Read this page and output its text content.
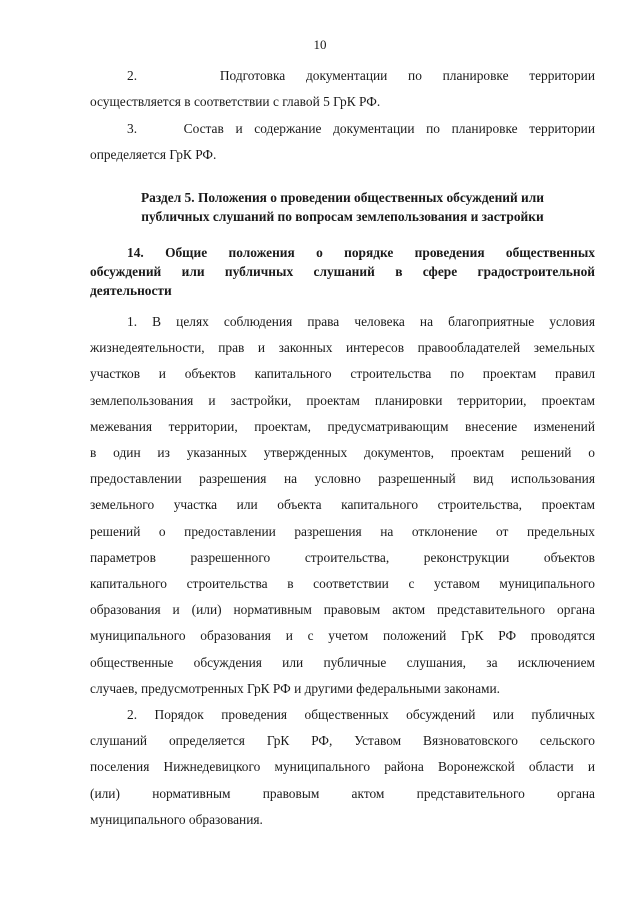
10

2.    Подготовка документации по планировке территории
осуществляется в соответствии с главой 5 ГрК РФ.

3.    Состав и содержание документации по планировке территории
определяется ГрК РФ.

Раздел 5. Положения о проведении общественных обсуждений или
публичных слушаний по вопросам землепользования и застройки
14. Общие положения о порядке проведения общественных
обсуждений или публичных слушаний в сфере градостроительной
деятельности

1. В целях соблюдения права человека на благоприятные условия
жизнедеятельности, прав и законных интересов правообладателей земельных
участков и объектов капитального строительства по проектам правил
землепользования и застройки, проектам планировки территории, проектам
межевания территории, проектам, предусматривающим внесение изменений
в один из указанных утвержденных документов, проектам решений о
предоставлении разрешения на условно разрешенный вид использования
земельного участка или объекта капитального строительства, проектам
решений о предоставлении разрешения на отклонение от предельных
параметров разрешенного строительства, реконструкции объектов
капитального строительства в соответствии с уставом муниципального
образования и (или) нормативным правовым актом представительного органа
муниципального образования и с учетом положений ГрК РФ проводятся
общественные обсуждения или публичные слушания, за исключением
случаев, предусмотренных ГрК РФ и другими федеральными законами.

2. Порядок проведения общественных обсуждений или публичных
слушаний определяется ГрК РФ, Уставом Вязноватовского сельского
поселения Нижнедевицкого муниципального района Воронежской области и
(или) нормативным правовым актом представительного органа
муниципального образования.
